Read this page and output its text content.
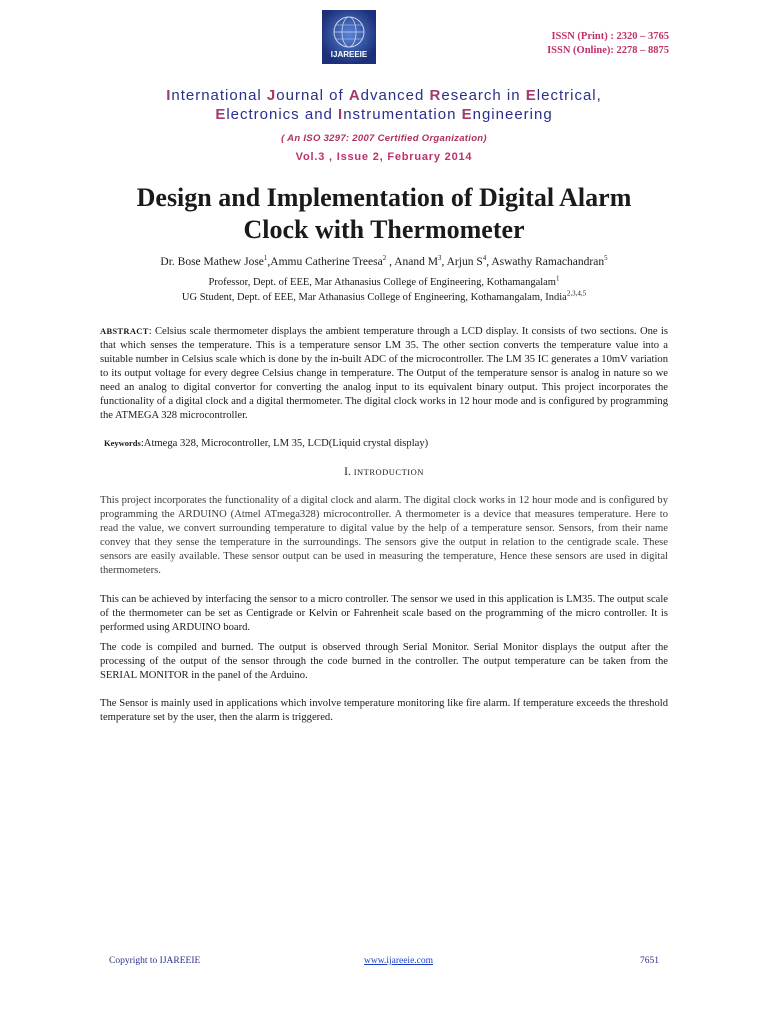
IJAREEIE
ISSN (Print) : 2320 – 3765
ISSN (Online): 2278 – 8875
International Journal of Advanced Research in Electrical,
Electronics and Instrumentation Engineering
( An ISO 3297: 2007 Certified Organization)
Vol.3 , Issue 2, February 2014
Design and Implementation of Digital Alarm
Clock with Thermometer
Dr. Bose Mathew Jose$^1$,Ammu Catherine Treesa$^2$ , Anand $M^3$, Arjun $S^4$, Aswathy Ramachandran$^5$
Professor, Dept. of EEE, Mar Athanasius College of Engineering, Kothamangalam$^1$
UG Student, Dept. of EEE, Mar Athanasius College of Engineering, Kothamangalam, India$^{2,3,4,5}$
ABSTRACT: Celsius scale thermometer displays the ambient temperature through a LCD display. It consists of two sections. One is that which senses the temperature. This is a temperature sensor LM 35. The other section converts the temperature value into a suitable number in Celsius scale which is done by the in-built ADC of the microcontroller. The LM 35 IC generates a 10mV variation to its output voltage for every degree Celsius change in temperature. The Output of the temperature sensor is analog in nature so we need an analog to digital convertor for converting the analog input to its equivalent binary output. This project incorporates the functionality of a digital clock and a digital thermometer. The digital clock works in 12 hour mode and is configured by programming the ATMEGA 328 microcontroller.
Keywords:Atmega 328, Microcontroller, LM 35, LCD(Liquid crystal display)
I. INTRODUCTION
This project incorporates the functionality of a digital clock and alarm. The digital clock works in 12 hour mode and is configured by programming the ARDUINO (Atmel ATmega328) microcontroller. A thermometer is a device that measures temperature. Here to read the value, we convert surrounding temperature to digital value by the help of a temperature sensor. Sensors, from their name convey that they sense the temperature in the surroundings. The sensors give the output in relation to the centigrade scale. These sensors are easily available. These sensor output can be used in measuring the temperature, Hence these sensors are used in digital thermometers.
This can be achieved by interfacing the sensor to a micro controller. The sensor we used in this application is LM35. The output scale of the thermometer can be set as Centigrade or Kelvin or Fahrenheit scale based on the programming of the micro controller. It is performed using ARDUINO board.
The code is compiled and burned. The output is observed through Serial Monitor. Serial Monitor displays the output after the processing of the output of the sensor through the code burned in the controller. The output temperature can be taken from the SERIAL MONITOR in the panel of the Arduino.
The Sensor is mainly used in applications which involve temperature monitoring like fire alarm. If temperature exceeds the threshold temperature set by the user, then the alarm is triggered.
Copyright to IJAREEIE	www.ijareeie.com	7651
